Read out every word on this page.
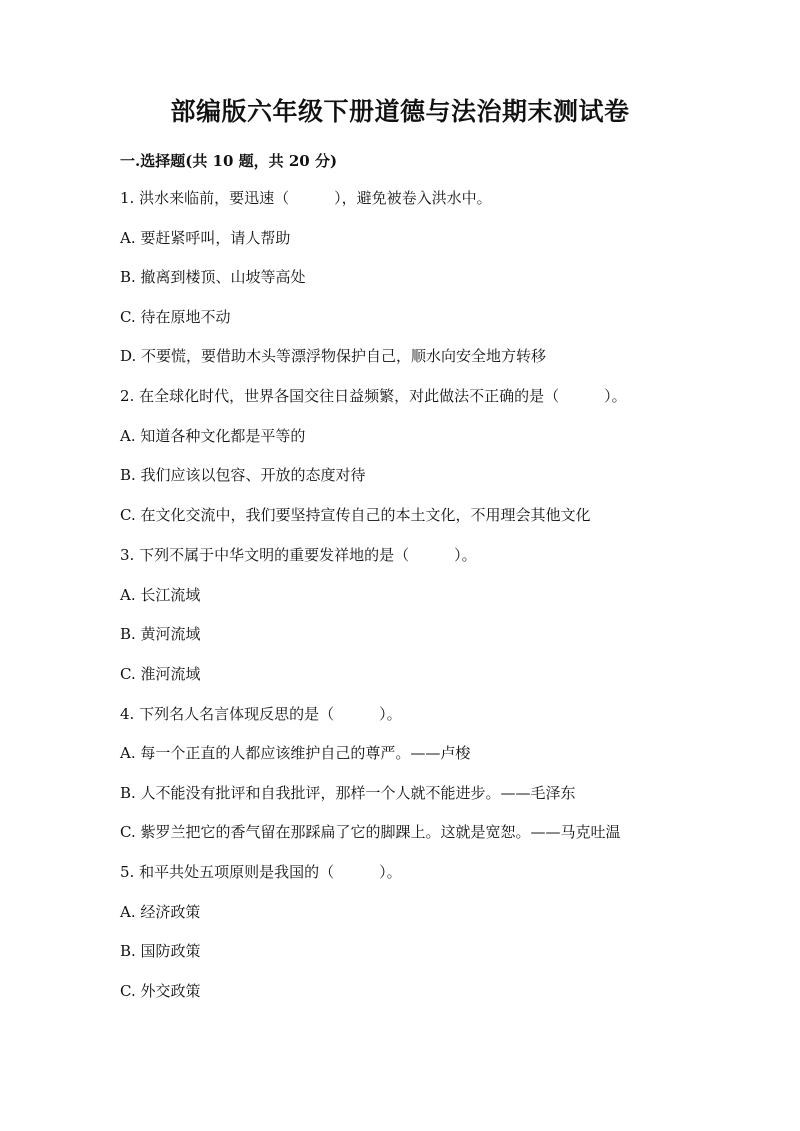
部编版六年级下册道德与法治期末测试卷
一.选择题(共 10 题，共 20 分)
1. 洪水来临前，要迅速（　　　），避免被卷入洪水中。
A. 要赶紧呼叫，请人帮助
B. 撤离到楼顶、山坡等高处
C. 待在原地不动
D. 不要慌，要借助木头等漂浮物保护自己，顺水向安全地方转移
2. 在全球化时代，世界各国交往日益频繁，对此做法不正确的是（　　　）。
A. 知道各种文化都是平等的
B. 我们应该以包容、开放的态度对待
C. 在文化交流中，我们要坚持宣传自己的本土文化，不用理会其他文化
3. 下列不属于中华文明的重要发祥地的是（　　　）。
A. 长江流域
B. 黄河流域
C. 淮河流域
4. 下列名人名言体现反思的是（　　　）。
A. 每一个正直的人都应该维护自己的尊严。——卢梭
B. 人不能没有批评和自我批评，那样一个人就不能进步。——毛泽东
C. 紫罗兰把它的香气留在那踩扁了它的脚踝上。这就是宽恕。——马克吐温
5. 和平共处五项原则是我国的（　　　）。
A. 经济政策
B. 国防政策
C. 外交政策
